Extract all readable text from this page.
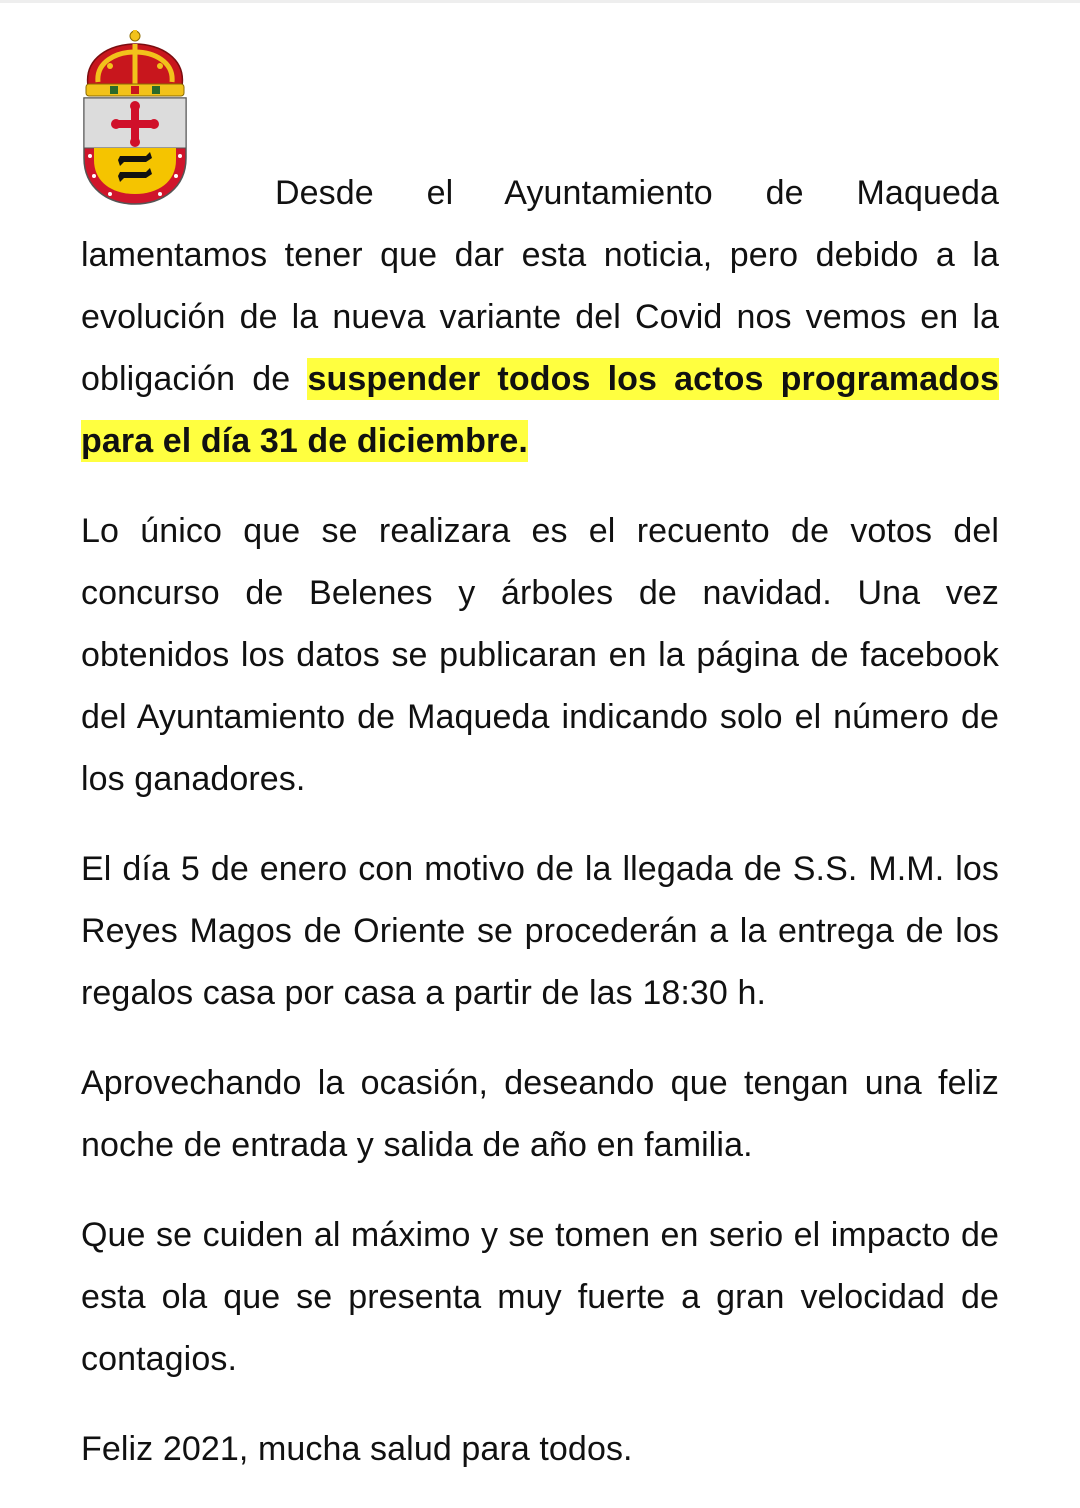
Desde el Ayuntamiento de Maqueda lamentamos tener que dar esta noticia, pero debido a la evolución de la nueva variante del Covid nos vemos en la obligación de suspender todos los actos programados para el día 31 de diciembre.

Lo único que se realizara es el recuento de votos del concurso de Belenes y árboles de navidad. Una vez obtenidos los datos se publicaran en la página de facebook del Ayuntamiento de Maqueda indicando solo el número de los ganadores.

El día 5 de enero con motivo de la llegada de S.S. M.M. los Reyes Magos de Oriente se procederán a la entrega de los regalos casa por casa a partir de las 18:30 h.

Aprovechando la ocasión, deseando que tengan una feliz noche de entrada y salida de año en familia.

Que se cuiden al máximo y se tomen en serio el impacto de esta ola que se presenta muy fuerte a gran velocidad de contagios.

Feliz 2021, mucha salud para todos.
